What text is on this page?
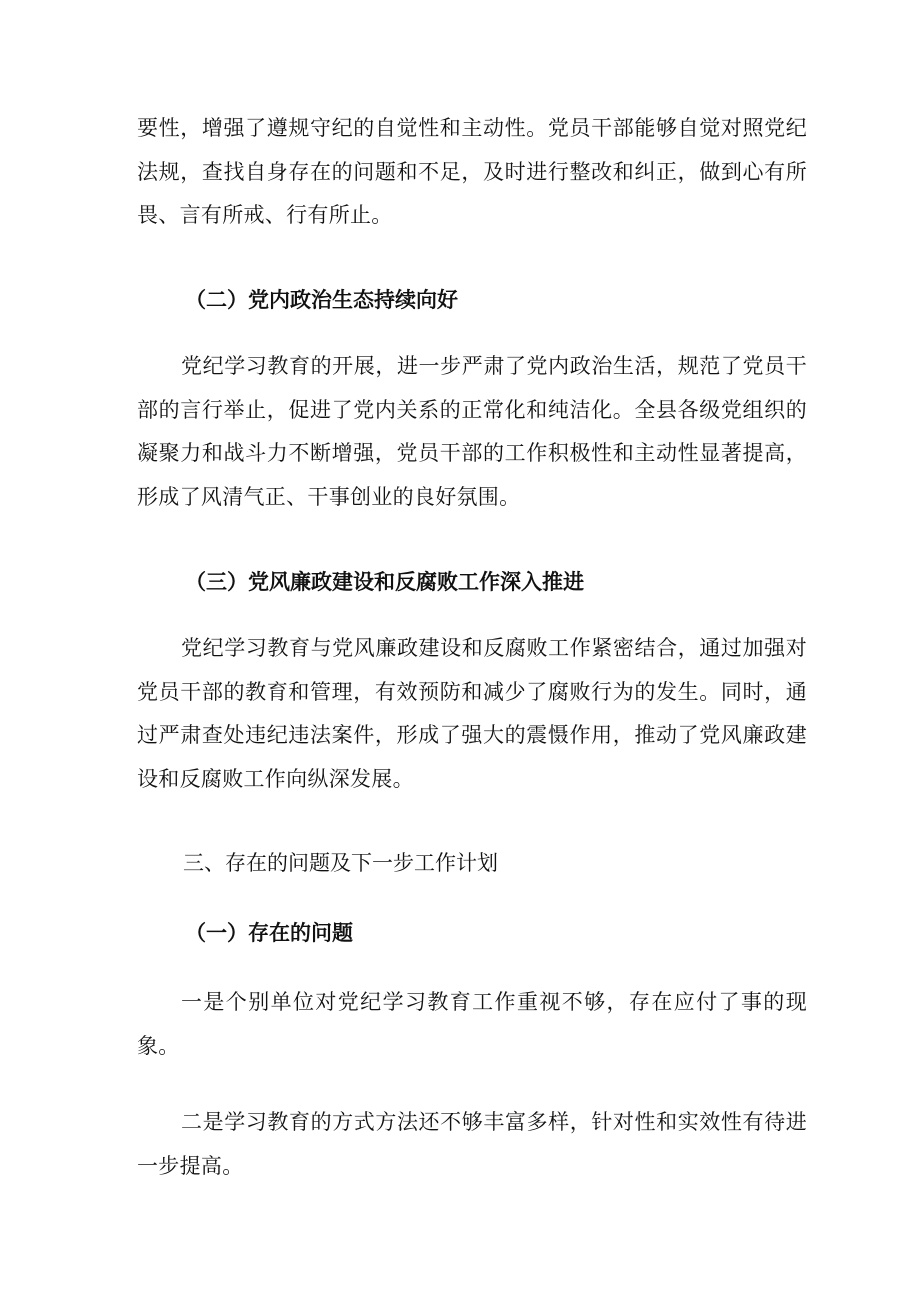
要性，增强了遵规守纪的自觉性和主动性。党员干部能够自觉对照党纪法规，查找自身存在的问题和不足，及时进行整改和纠正，做到心有所畏、言有所戒、行有所止。

（二）党内政治生态持续向好

党纪学习教育的开展，进一步严肃了党内政治生活，规范了党员干部的言行举止，促进了党内关系的正常化和纯洁化。全县各级党组织的凝聚力和战斗力不断增强，党员干部的工作积极性和主动性显著提高，形成了风清气正、干事创业的良好氛围。

（三）党风廉政建设和反腐败工作深入推进

党纪学习教育与党风廉政建设和反腐败工作紧密结合，通过加强对党员干部的教育和管理，有效预防和减少了腐败行为的发生。同时，通过严肃查处违纪违法案件，形成了强大的震慑作用，推动了党风廉政建设和反腐败工作向纵深发展。

三、存在的问题及下一步工作计划

（一）存在的问题

一是个别单位对党纪学习教育工作重视不够，存在应付了事的现象。

二是学习教育的方式方法还不够丰富多样，针对性和实效性有待进一步提高。
